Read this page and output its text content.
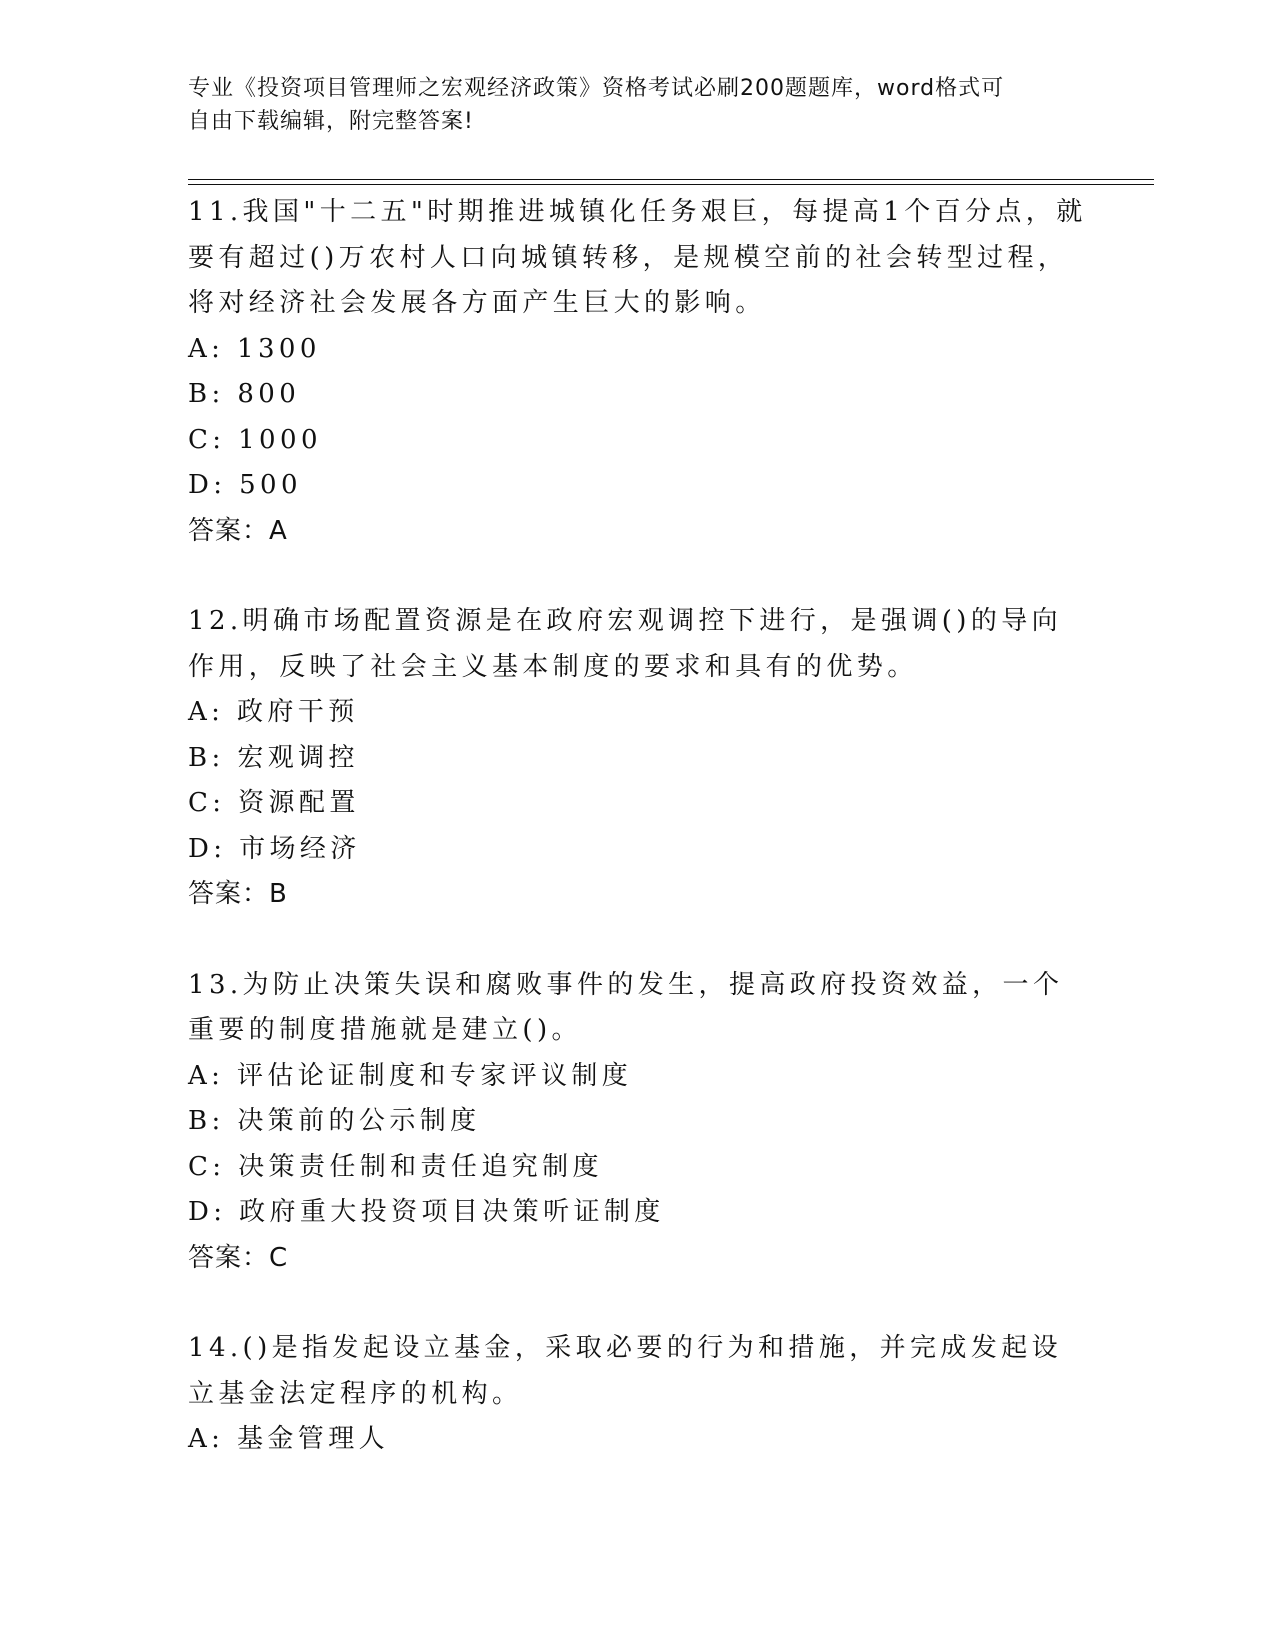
专业《投资项目管理师之宏观经济政策》资格考试必刷200题题库，word格式可
自由下载编辑，附完整答案!

11.我国"十二五"时期推进城镇化任务艰巨，每提高1个百分点，就要有超过()万农村人口向城镇转移，是规模空前的社会转型过程，将对经济社会发展各方面产生巨大的影响。

A: 1300

B: 800

C: 1000

D: 500

答案：A

12.明确市场配置资源是在政府宏观调控下进行，是强调()的导向作用，反映了社会主义基本制度的要求和具有的优势。

A: 政府干预

B: 宏观调控

C: 资源配置

D: 市场经济

答案：B

13.为防止决策失误和腐败事件的发生，提高政府投资效益，一个重要的制度措施就是建立()。

A: 评估论证制度和专家评议制度

B: 决策前的公示制度

C: 决策责任制和责任追究制度

D: 政府重大投资项目决策听证制度

答案：C

14.()是指发起设立基金，采取必要的行为和措施，并完成发起设立基金法定程序的机构。

A: 基金管理人
